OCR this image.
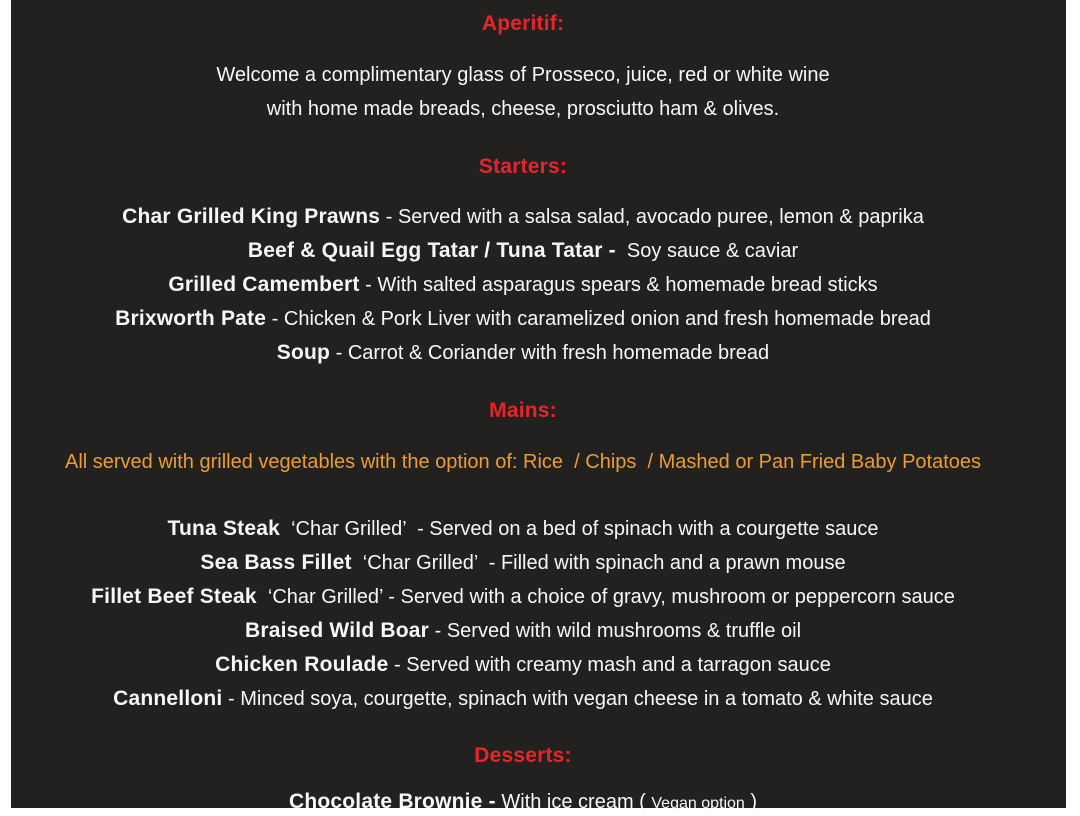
Aperitif:

Welcome a complimentary glass of Prosseco, juice, red or white wine

with home made breads, cheese, prosciutto ham & olives.

Starters:

Char Grilled King Prawns - Served with a salsa salad, avocado puree, lemon & paprika

Beef & Quail Egg Tatar / Tuna Tatar -  Soy sauce & caviar

Grilled Camembert - With salted asparagus spears & homemade bread sticks

Brixworth Pate - Chicken & Pork Liver with caramelized onion and fresh homemade bread

Soup - Carrot & Coriander with fresh homemade bread

Mains:

All served with grilled vegetables with the option of: Rice  / Chips  / Mashed or Pan Fried Baby Potatoes

Tuna Steak  ‘Char Grilled’  - Served on a bed of spinach with a courgette sauce

Sea Bass Fillet  ‘Char Grilled’  - Filled with spinach and a prawn mouse

Fillet Beef Steak  ‘Char Grilled’ - Served with a choice of gravy, mushroom or peppercorn sauce

Braised Wild Boar - Served with wild mushrooms & truffle oil

Chicken Roulade - Served with creamy mash and a tarragon sauce

Cannelloni - Minced soya, courgette, spinach with vegan cheese in a tomato & white sauce

Desserts:

Chocolate Brownie - With ice cream ( Vegan option )
